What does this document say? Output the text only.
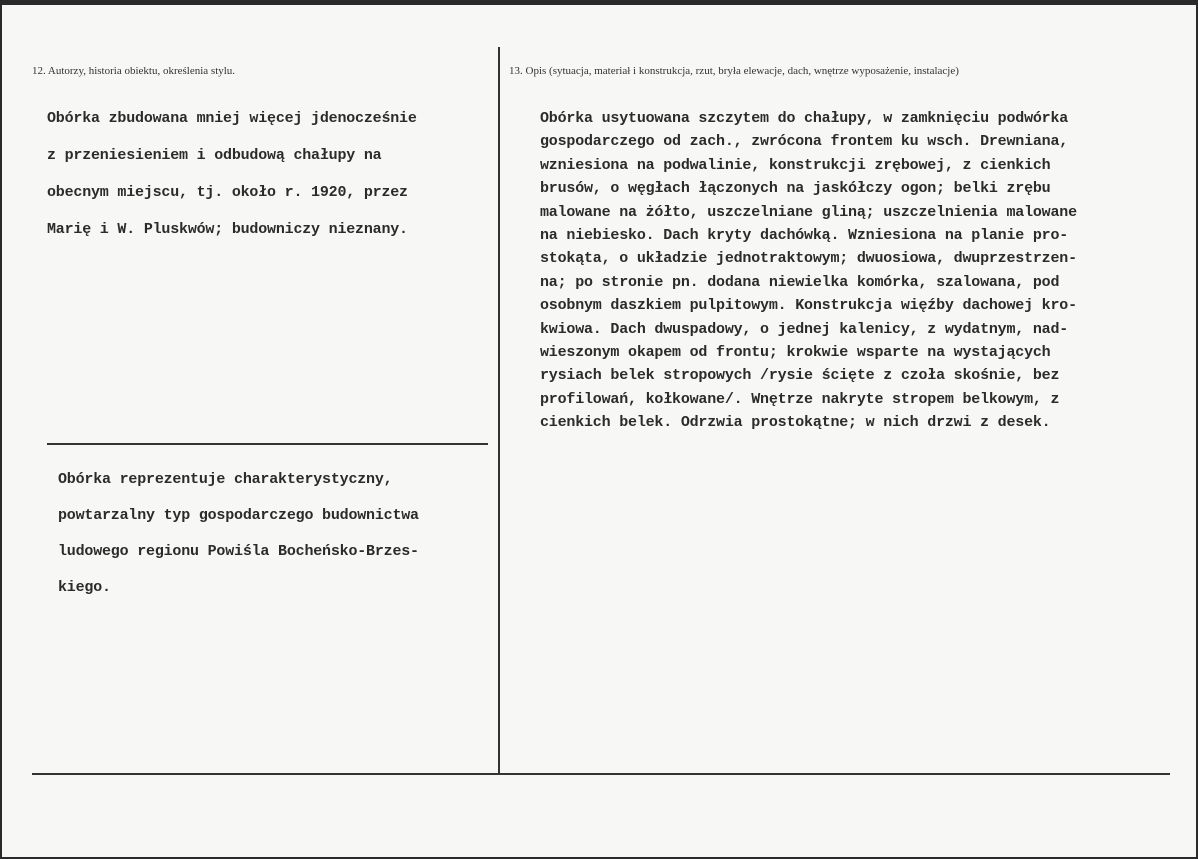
12. Autorzy, historia obiektu, określenia stylu.	13. Opis (sytuacja, materiał i konstrukcja, rzut, bryła elewacje, dach, wnętrze wyposażenie, instalacje)
Obórka zbudowana mniej więcej jdenocześnie
z przeniesieniem i odbudową chałupy na
obecnym miejscu, tj. około r. 1920, przez
Marię i W. Pluskwów; budowniczy nieznany.
Obórka reprezentuje charakterystyczny,
powtarzalny typ gospodarczego budownictwa
ludowego regionu Powiśla Bocheńsko-Brzes-
kiego.
Obórka usytuowana szczytem do chałupy, w zamknięciu podwórka
gospodarczego od zach., zwrócona frontem ku wsch. Drewniana,
wzniesiona na podwalinie, konstrukcji zrębowej, z cienkich
brusów, o węgłach łączonych na jaskółczy ogon; belki zrębu
malowane na żółto, uszczelniane gliną; uszczelnienia malowane
na niebiesko. Dach kryty dachówką. Wzniesiona na planie pro-
stokąta, o układzie jednotraktowym; dwuosiowa, dwuprzestrzen-
na; po stronie pn. dodana niewielka komórka, szalowana, pod
osobnym daszkiem pulpitowym. Konstrukcja więźby dachowej kro-
kwiowa. Dach dwuspadowy, o jednej kalenicy, z wydatnym, nad-
wieszonym okapem od frontu; krokwie wsparte na wystających
rysiach belek stropowych /rysie ścięte z czoła skośnie, bez
profilowań, kołkowane/. Wnętrze nakryte stropem belkowym, z
cienkich belek. Odrzwia prostokątne; w nich drzwi z desek.
